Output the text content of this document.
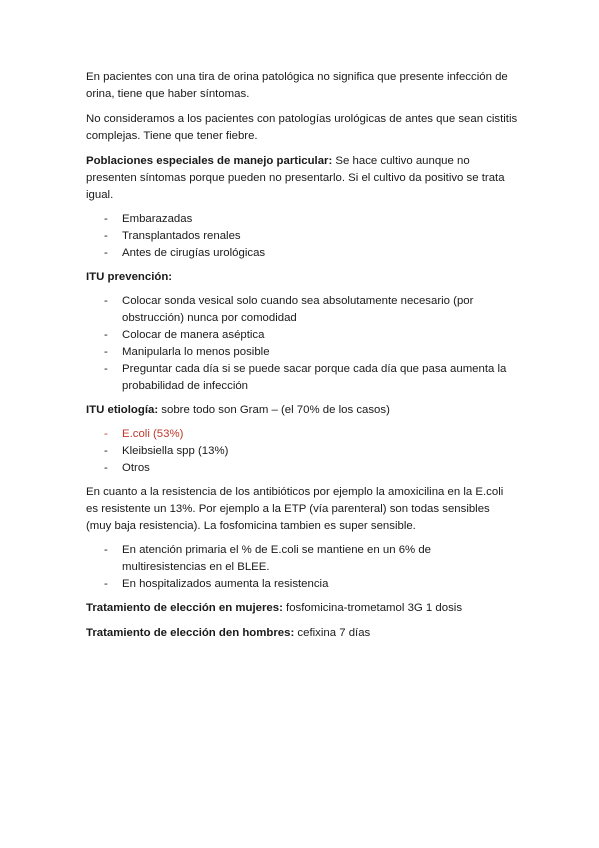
En pacientes con una tira de orina patológica no significa que presente infección de orina, tiene que haber síntomas.

No consideramos a los pacientes con patologías urológicas de antes que sean cistitis complejas. Tiene que tener fiebre.

Poblaciones especiales de manejo particular: Se hace cultivo aunque no presenten síntomas porque pueden no presentarlo. Si el cultivo da positivo se trata igual.

- Embarazadas
- Transplantados renales
- Antes de cirugías urológicas

ITU prevención:

- Colocar sonda vesical solo cuando sea absolutamente necesario (por obstrucción) nunca por comodidad
- Colocar de manera aséptica
- Manipularla lo menos posible
- Preguntar cada día si se puede sacar porque cada día que pasa aumenta la probabilidad de infección

ITU etiología: sobre todo son Gram – (el 70% de los casos)

- E.coli (53%)
- Kleibsiella spp (13%)
- Otros

En cuanto a la resistencia de los antibióticos por ejemplo la amoxicilina en la E.coli es resistente un 13%. Por ejemplo a la ETP (vía parenteral) son todas sensibles (muy baja resistencia). La fosfomicina tambien es super sensible.

- En atención primaria el % de E.coli se mantiene en un 6% de multiresistencias en el BLEE.
- En hospitalizados aumenta la resistencia

Tratamiento de elección en mujeres: fosfomicina-trometamol 3G 1 dosis

Tratamiento de elección den hombres: cefixina 7 días
